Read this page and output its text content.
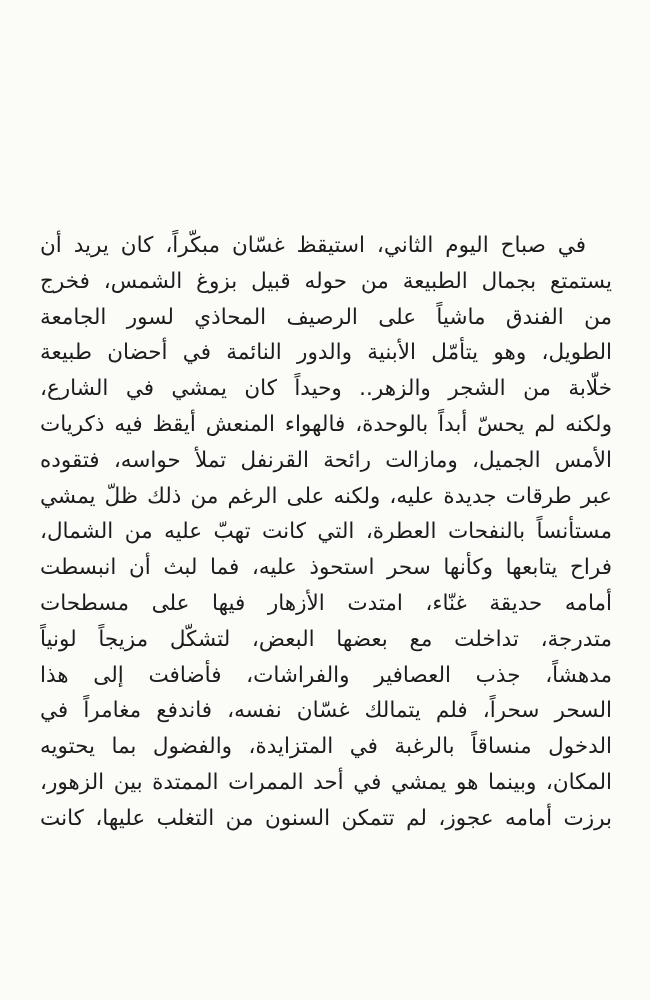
في صباح اليوم الثاني، استيقظ غسّان مبكّراً، كان يريد أن
يستمتع بجمال الطبيعة من حوله قبيل بزوغ الشمس، فخرج
من الفندق ماشياً على الرصيف المحاذي لسور الجامعة
الطويل، وهو يتأمّل الأبنية والدور النائمة في أحضان طبيعة
خلّابة من الشجر والزهر.. وحيداً كان يمشي في الشارع،
ولكنه لم يحسّ أبداً بالوحدة، فالهواء المنعش أيقظ فيه ذكريات
الأمس الجميل، ومازالت رائحة القرنفل تملأ حواسه، فتقوده
عبر طرقات جديدة عليه، ولكنه على الرغم من ذلك ظلّ يمشي
مستأنساً بالنفحات العطرة، التي كانت تهبّ عليه من الشمال،
فراح يتابعها وكأنها سحر استحوذ عليه، فما لبث أن انبسطت
أمامه حديقة غنّاء، امتدت الأزهار فيها على مسطحات
متدرجة، تداخلت مع بعضها البعض، لتشكّل مزيجاً لونياً
مدهشاً، جذب العصافير والفراشات، فأضافت إلى هذا
السحر سحراً، فلم يتمالك غسّان نفسه، فاندفع مغامراً في
الدخول منساقاً بالرغبة في المتزايدة، والفضول بما يحتويه
المكان، وبينما هو يمشي في أحد الممرات الممتدة بين الزهور،
برزت أمامه عجوز، لم تتمكن السنون من التغلب عليها، كانت
